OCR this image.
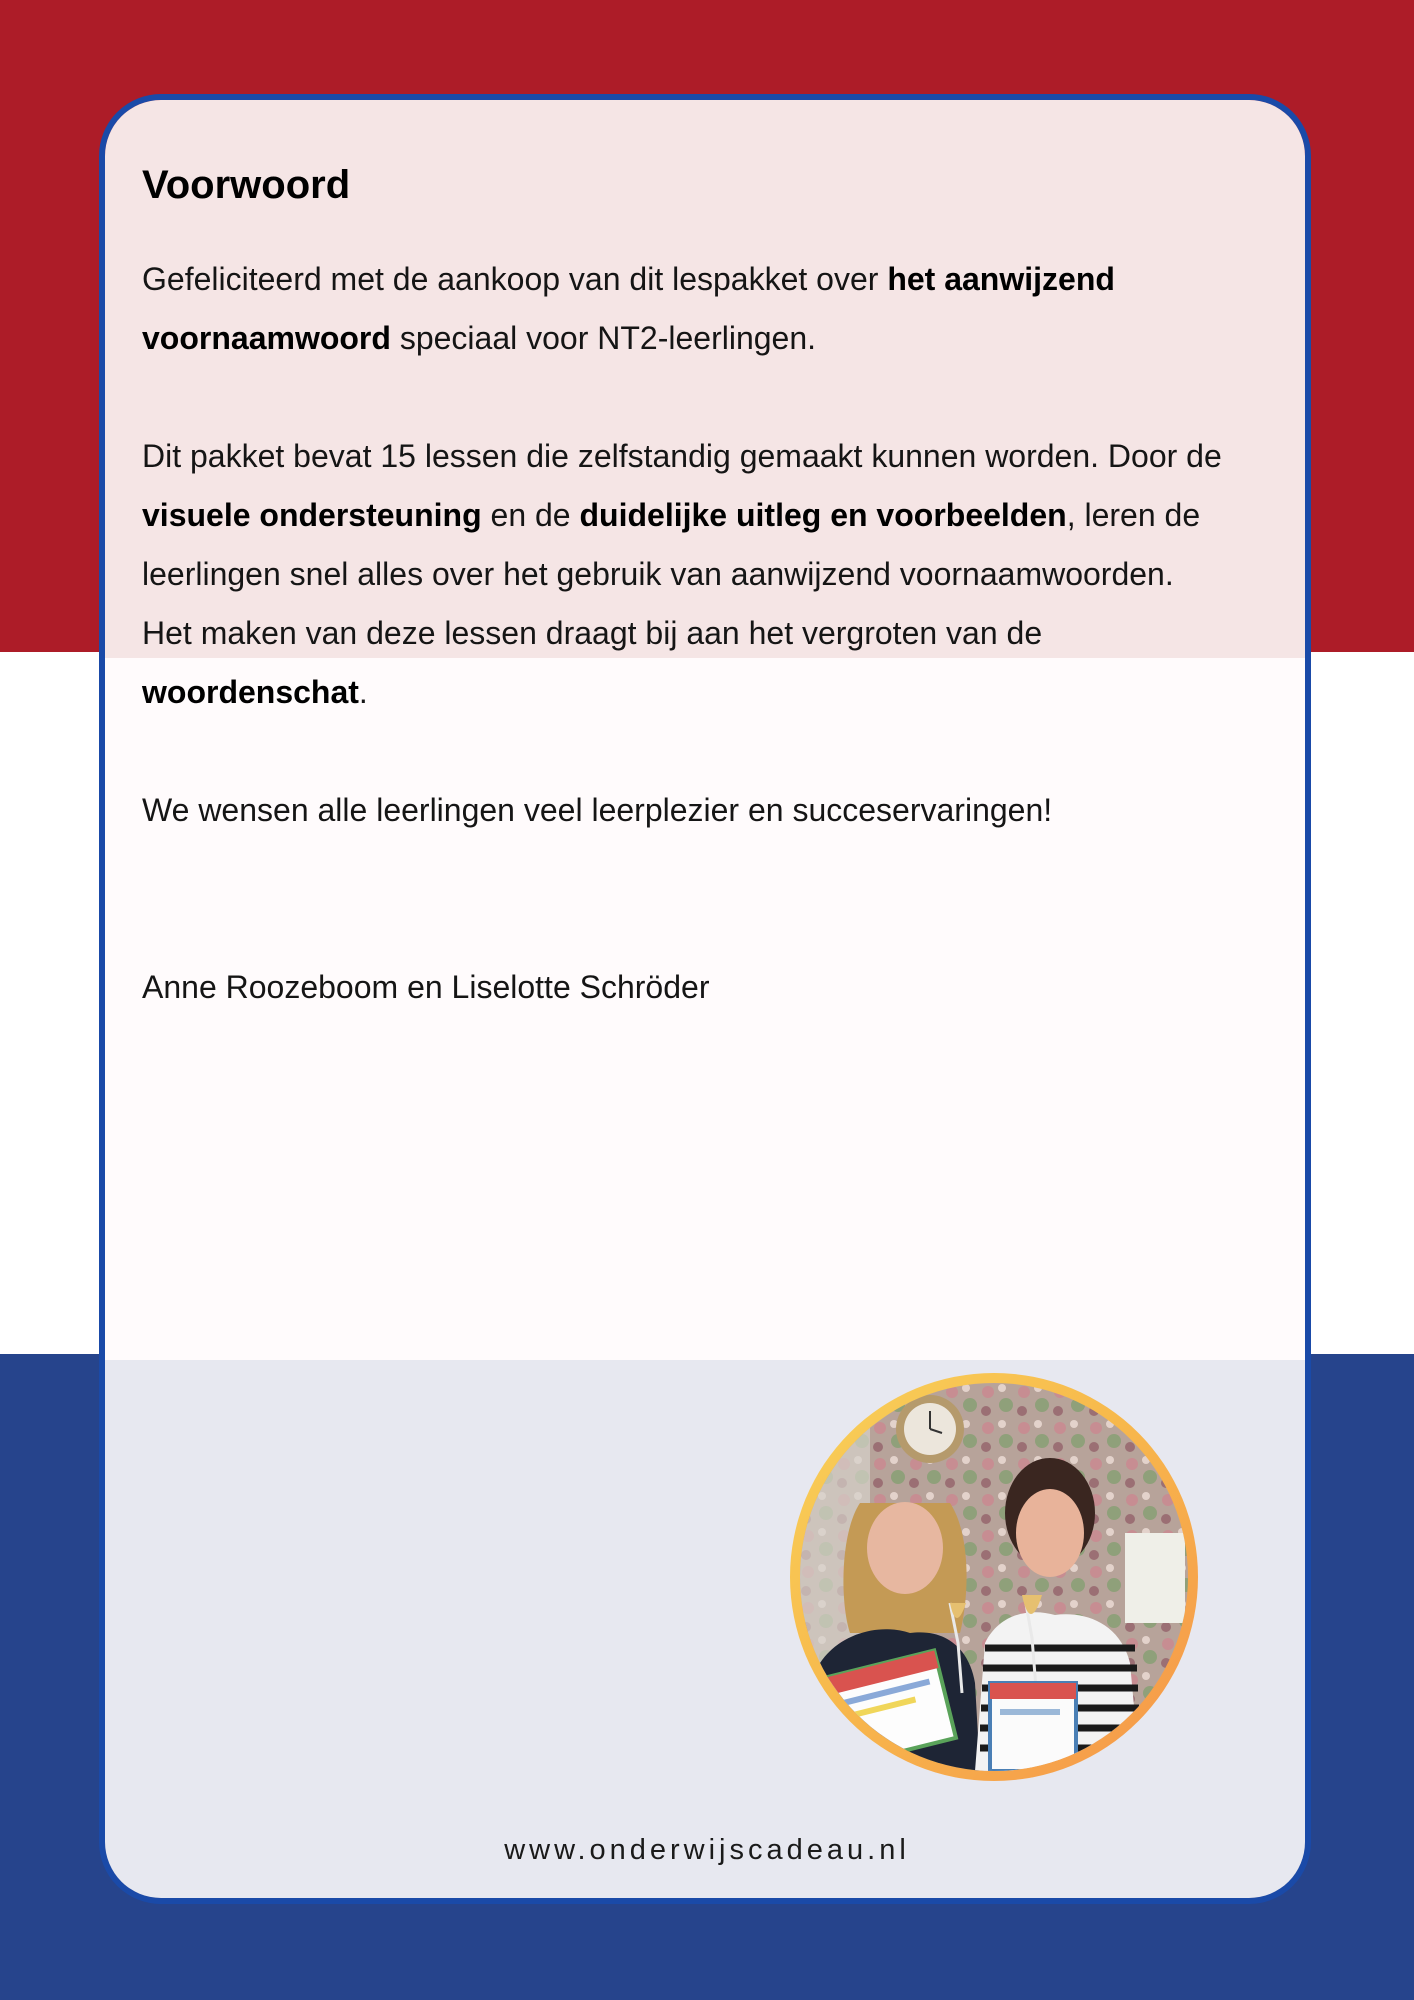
Voorwoord

Gefeliciteerd met de aankoop van dit lespakket over het aanwijzend voornaamwoord speciaal voor NT2-leerlingen.

Dit pakket bevat 15 lessen die zelfstandig gemaakt kunnen worden. Door de visuele ondersteuning en de duidelijke uitleg en voorbeelden, leren de leerlingen snel alles over het gebruik van aanwijzend voornaamwoorden.

Het maken van deze lessen draagt bij aan het vergroten van de woordenschat.

We wensen alle leerlingen veel leerplezier en succeservaringen!

Anne Roozeboom en Liselotte Schröder

www.onderwijscadeau.nl
